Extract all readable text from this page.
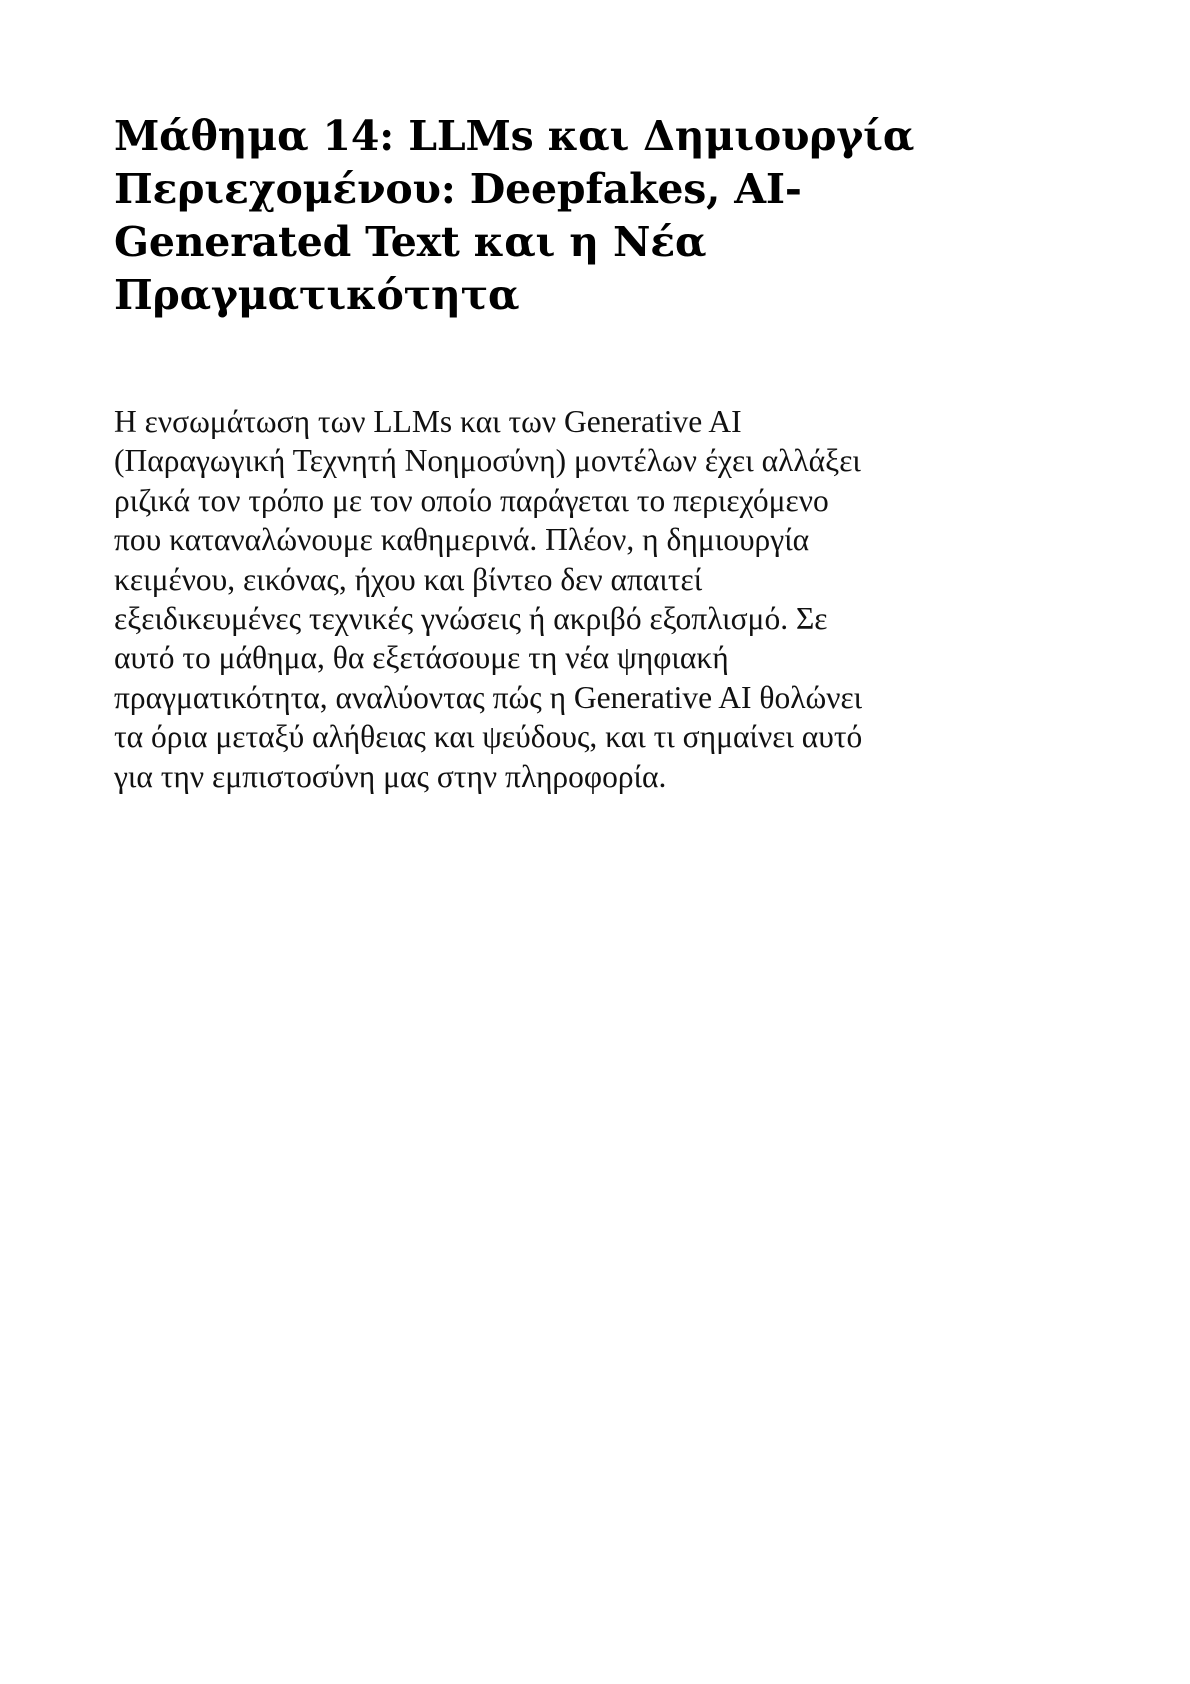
Μάθημα 14: LLMs και Δημιουργία
Περιεχομένου: Deepfakes, AI-
Generated Text και η Νέα
Πραγματικότητα

Η ενσωμάτωση των LLMs και των Generative AI
(Παραγωγική Τεχνητή Νοημοσύνη) μοντέλων έχει αλλάξει
ριζικά τον τρόπο με τον οποίο παράγεται το περιεχόμενο
που καταναλώνουμε καθημερινά. Πλέον, η δημιουργία
κειμένου, εικόνας, ήχου και βίντεο δεν απαιτεί
εξειδικευμένες τεχνικές γνώσεις ή ακριβό εξοπλισμό. Σε
αυτό το μάθημα, θα εξετάσουμε τη νέα ψηφιακή
πραγματικότητα, αναλύοντας πώς η Generative AI θολώνει
τα όρια μεταξύ αλήθειας και ψεύδους, και τι σημαίνει αυτό
για την εμπιστοσύνη μας στην πληροφορία.
